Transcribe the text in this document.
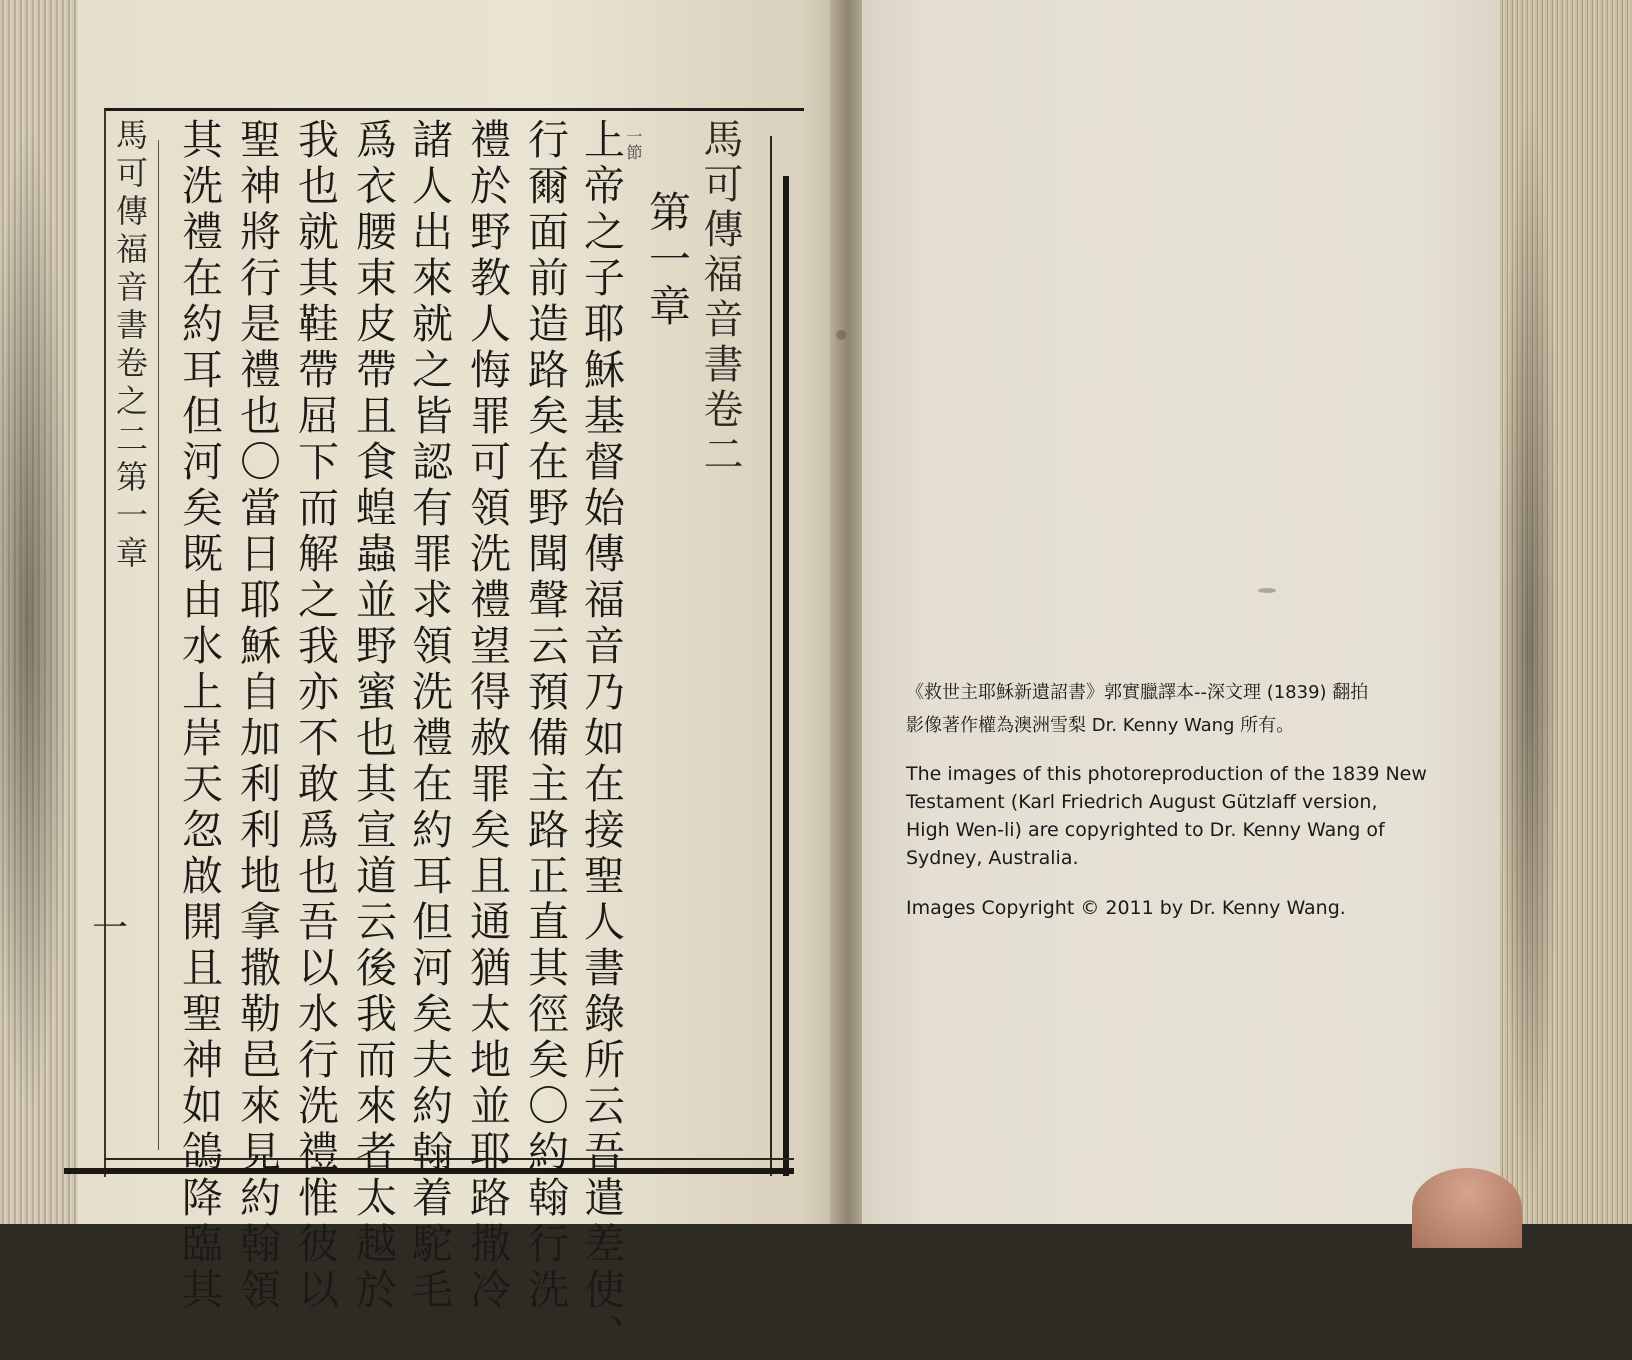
馬可傳福音書卷二
第一章
一節
上帝之子耶穌基督始傳福音乃如在接聖人書錄所云吾遣差使、
行爾面前造路矣在野聞聲云預備主路正直其徑矣〇約翰行洗
禮於野教人悔罪可領洗禮望得赦罪矣且通猶太地並耶路撒冷
諸人出來就之皆認有罪求領洗禮在約耳但河矣夫約翰着駝毛
爲衣腰束皮帶且食蝗蟲並野蜜也其宣道云後我而來者太越於
我也就其鞋帶屈下而解之我亦不敢爲也吾以水行洗禮惟彼以
聖神將行是禮也〇當日耶穌自加利利地拿撒勒邑來見約翰領
其洗禮在約耳但河矣既由水上岸天忽啟開且聖神如鴿降臨其
馬可傳福音書卷之二第一章
一

《救世主耶穌新遺詔書》郭實臘譯本--深文理 (1839) 翻拍

影像著作權為澳洲雪梨 Dr. Kenny Wang 所有。

The images of this photoreproduction of the 1839 New
Testament (Karl Friedrich August Gützlaff version,
High Wen-li) are copyrighted to Dr. Kenny Wang of
Sydney, Australia.
Images Copyright © 2011 by Dr. Kenny Wang.
